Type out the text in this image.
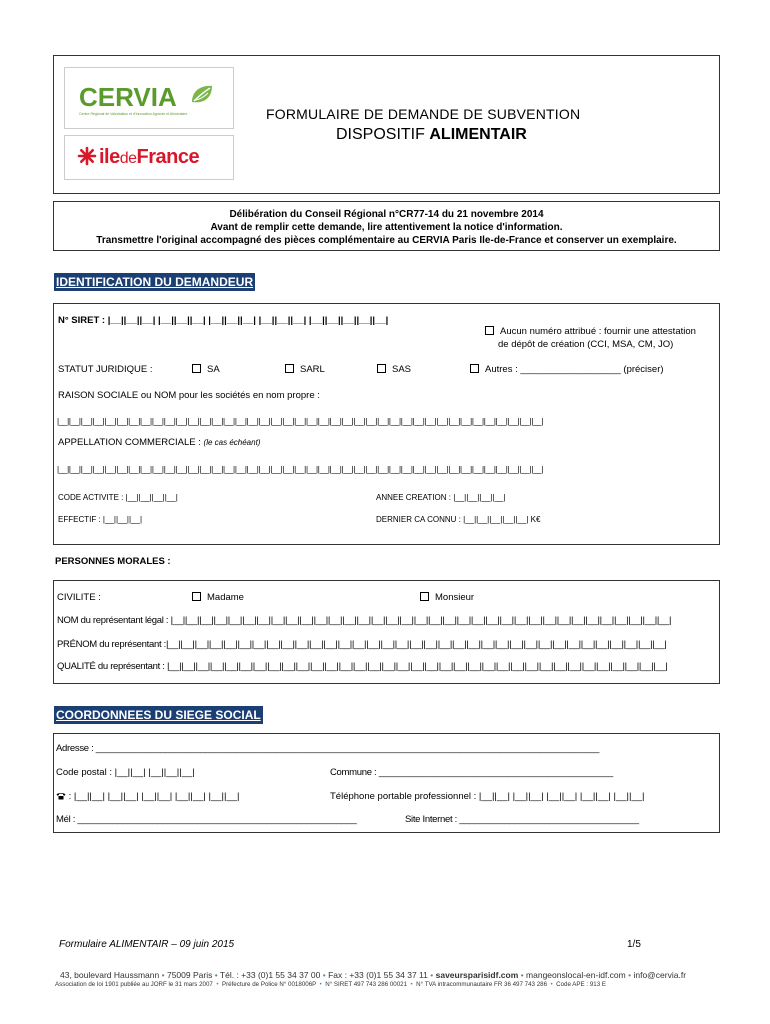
CERVIA
Centre Régional de Valorisation et d'Innovation Agricole et Alimentaire
iledeFrance
FORMULAIRE DE DEMANDE DE SUBVENTION
DISPOSITIF ALIMENTAIR
Délibération du Conseil Régional n°CR77-14 du 21 novembre 2014
Avant de remplir cette demande, lire attentivement la notice d'information.
Transmettre l'original accompagné des pièces complémentaire au CERVIA Paris Ile-de-France et conserver un exemplaire.
IDENTIFICATION DU DEMANDEUR
N° SIRET : |__||__||__| |__||__||__| |__||__||__| |__||__||__| |__||__||__||__||__|
Aucun numéro attribué : fournir une attestation
de dépôt de création (CCI, MSA, CM, JO)
STATUT JURIDIQUE :	SA	SARL	SAS	Autres : ___________________ (préciser)
RAISON SOCIALE ou NOM pour les sociétés en nom propre :
|__||__||__||__||__||__||__||__||__||__||__||__||__||__||__||__||__||__||__||__||__||__||__||__||__||__||__||__||__||__||__||__||__||__||__||__||__||__||__||__||__|
APPELLATION COMMERCIALE : (le cas échéant)
|__||__||__||__||__||__||__||__||__||__||__||__||__||__||__||__||__||__||__||__||__||__||__||__||__||__||__||__||__||__||__||__||__||__||__||__||__||__||__||__||__|
CODE ACTIVITE : |__||__||__||__|	ANNEE CREATION : |__||__||__||__|
EFFECTIF : |__||__||__|	DERNIER CA CONNU : |__||__||__||__||__| K€
PERSONNES MORALES :
CIVILITE :	Madame	Monsieur
NOM du représentant légal : |__||__||__||__||__||__||__||__||__||__||__||__||__||__||__||__||__||__||__||__||__||__||__||__||__||__||__||__||__||__||__||__||__||__||__|
PRÉNOM du représentant :|__||__||__||__||__||__||__||__||__||__||__||__||__||__||__||__||__||__||__||__||__||__||__||__||__||__||__||__||__||__||__||__||__||__||__|
QUALITÉ du représentant : |__||__||__||__||__||__||__||__||__||__||__||__||__||__||__||__||__||__||__||__||__||__||__||__||__||__||__||__||__||__||__||__||__||__||__|
COORDONNEES DU SIEGE SOCIAL
Adresse : _____________________________________________________________________________________________________
Code postal : |__||__| |__||__||__|	Commune : _______________________________________________
: |__||__| |__||__| |__||__| |__||__| |__||__|	Téléphone portable professionnel : |__||__| |__||__| |__||__| |__||__| |__||__|
Mél : ________________________________________________________	Site Internet : ____________________________________
Formulaire ALIMENTAIR – 09 juin 2015	1/5
43, boulevard Haussmann • 75009 Paris • Tél. : +33 (0)1 55 34 37 00 • Fax : +33 (0)1 55 34 37 11 • saveursparisidf.com • mangeonslocal-en-idf.com • info@cervia.fr
Association de loi 1901 publiée au JORF le 31 mars 2007 • Préfecture de Police N° 0018006P • N° SIRET 497 743 286 00021 • N° TVA intracommunautaire FR 36 497 743 286 • Code APE : 913 E
